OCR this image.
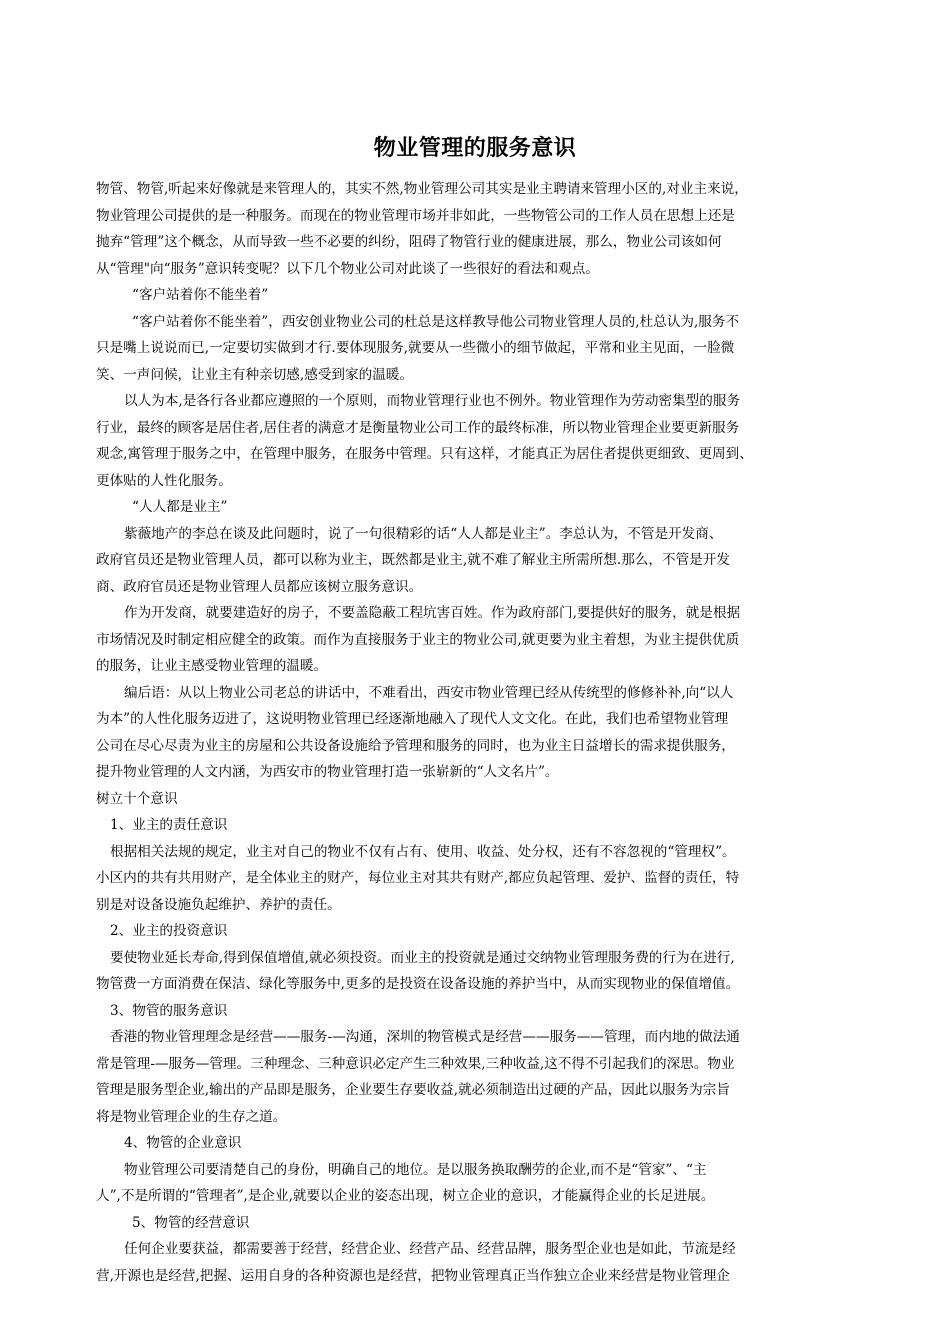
物业管理的服务意识
物管、物管,听起来好像就是来管理人的，其实不然,物业管理公司其实是业主聘请来管理小区的,对业主来说，
物业管理公司提供的是一种服务。而现在的物业管理市场并非如此，一些物管公司的工作人员在思想上还是
抛弃“管理”这个概念，从而导致一些不必要的纠纷，阻碍了物管行业的健康进展，那么，物业公司该如何
从“管理"向“服务”意识转变呢？以下几个物业公司对此谈了一些很好的看法和观点。
“客户站着你不能坐着”
“客户站着你不能坐着”，西安创业物业公司的杜总是这样教导他公司物业管理人员的,杜总认为,服务不
只是嘴上说说而已,一定要切实做到才行.要体现服务,就要从一些微小的细节做起，平常和业主见面，一脸微
笑、一声问候，让业主有种亲切感,感受到家的温暖。
以人为本,是各行各业都应遵照的一个原则，而物业管理行业也不例外。物业管理作为劳动密集型的服务
行业，最终的顾客是居住者,居住者的满意才是衡量物业公司工作的最终标准，所以物业管理企业要更新服务
观念,寓管理于服务之中，在管理中服务，在服务中管理。只有这样，才能真正为居住者提供更细致、更周到、
更体贴的人性化服务。
“人人都是业主”
紫薇地产的李总在谈及此问题时，说了一句很精彩的话“人人都是业主”。李总认为，不管是开发商、
政府官员还是物业管理人员，都可以称为业主，既然都是业主,就不难了解业主所需所想.那么，不管是开发
商、政府官员还是物业管理人员都应该树立服务意识。
作为开发商，就要建造好的房子，不要盖隐蔽工程坑害百姓。作为政府部门,要提供好的服务，就是根据
市场情况及时制定相应健全的政策。而作为直接服务于业主的物业公司,就更要为业主着想，为业主提供优质
的服务，让业主感受物业管理的温暖。
编后语：从以上物业公司老总的讲话中，不难看出，西安市物业管理已经从传统型的修修补补,向“以人
为本”的人性化服务迈进了，这说明物业管理已经逐渐地融入了现代人文文化。在此，我们也希望物业管理
公司在尽心尽责为业主的房屋和公共设备设施给予管理和服务的同时，也为业主日益增长的需求提供服务，
提升物业管理的人文内涵，为西安市的物业管理打造一张崭新的“人文名片”。
树立十个意识
1、业主的责任意识
根据相关法规的规定，业主对自己的物业不仅有占有、使用、收益、处分权，还有不容忽视的“管理权”。
小区内的共有共用财产，是全体业主的财产，每位业主对其共有财产,都应负起管理、爱护、监督的责任，特
别是对设备设施负起维护、养护的责任。
2、业主的投资意识
要使物业延长寿命,得到保值增值,就必须投资。而业主的投资就是通过交纳物业管理服务费的行为在进行,
物管费一方面消费在保洁、绿化等服务中,更多的是投资在设备设施的养护当中，从而实现物业的保值增值。
3、物管的服务意识
香港的物业管理理念是经营——服务-—沟通，深圳的物管模式是经营——服务——管理，而内地的做法通
常是管理-—服务—管理。三种理念、三种意识必定产生三种效果,三种收益,这不得不引起我们的深思。物业
管理是服务型企业,输出的产品即是服务，企业要生存要收益,就必须制造出过硬的产品，因此以服务为宗旨
将是物业管理企业的生存之道。
4、物管的企业意识
物业管理公司要清楚自己的身份，明确自己的地位。是以服务换取酬劳的企业,而不是“管家”、“主
人”,不是所谓的“管理者”,是企业,就要以企业的姿态出现，树立企业的意识，才能赢得企业的长足进展。
5、物管的经营意识
任何企业要获益，都需要善于经营，经营企业、经营产品、经营品牌，服务型企业也是如此，节流是经
营,开源也是经营,把握、运用自身的各种资源也是经营，把物业管理真正当作独立企业来经营是物业管理企
